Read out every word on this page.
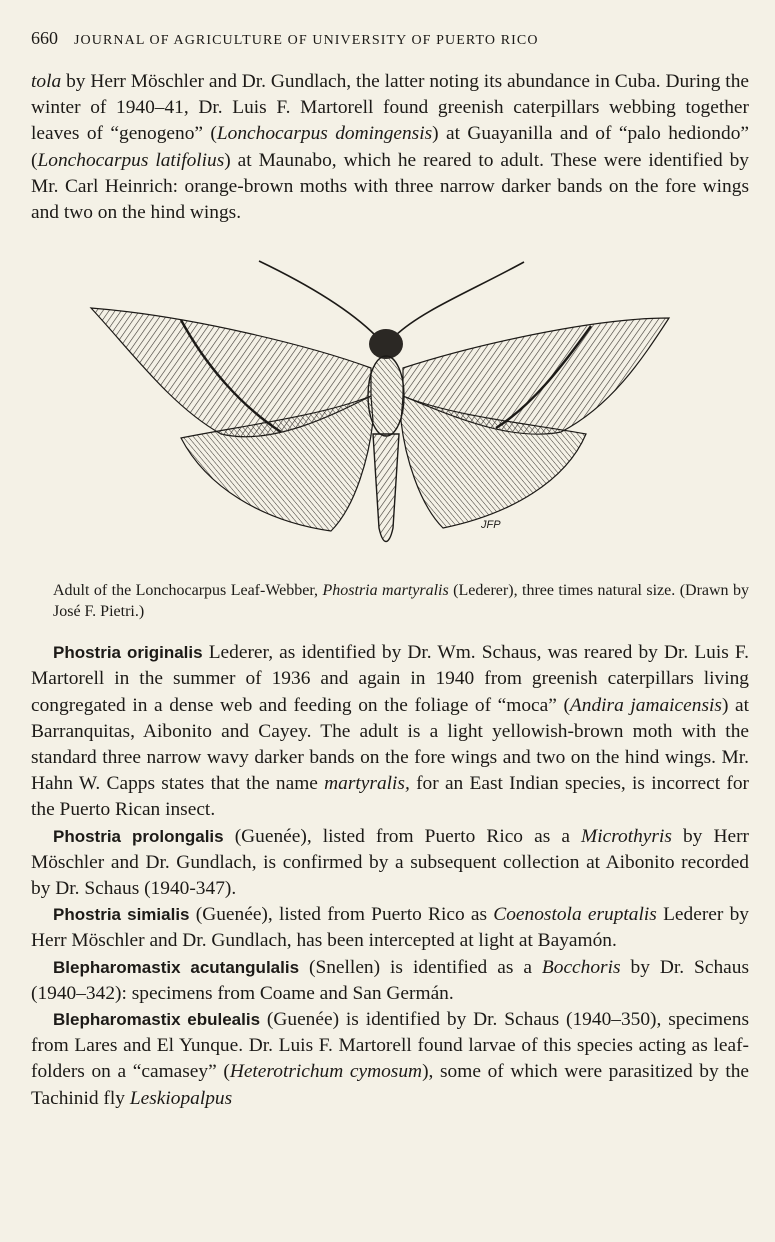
660 JOURNAL OF AGRICULTURE OF UNIVERSITY OF PUERTO RICO

tola by Herr Möschler and Dr. Gundlach, the latter noting its abundance in Cuba. During the winter of 1940–41, Dr. Luis F. Martorell found greenish caterpillars webbing together leaves of “genogeno” (Lonchocarpus domingensis) at Guayanilla and of “palo hediondo” (Lonchocarpus latifolius) at Maunabo, which he reared to adult. These were identified by Mr. Carl Heinrich: orange-brown moths with three narrow darker bands on the fore wings and two on the hind wings.

JFP

Adult of the Lonchocarpus Leaf-Webber, Phostria martyralis (Lederer), three times natural size. (Drawn by José F. Pietri.)

Phostria originalis Lederer, as identified by Dr. Wm. Schaus, was reared by Dr. Luis F. Martorell in the summer of 1936 and again in 1940 from greenish caterpillars living congregated in a dense web and feeding on the foliage of “moca” (Andira jamaicensis) at Barranquitas, Aibonito and Cayey. The adult is a light yellowish-brown moth with the standard three narrow wavy darker bands on the fore wings and two on the hind wings. Mr. Hahn W. Capps states that the name martyralis, for an East Indian species, is incorrect for the Puerto Rican insect.

Phostria prolongalis (Guenée), listed from Puerto Rico as a Microthyris by Herr Möschler and Dr. Gundlach, is confirmed by a subsequent collection at Aibonito recorded by Dr. Schaus (1940-347).

Phostria simialis (Guenée), listed from Puerto Rico as Coenostola eruptalis Lederer by Herr Möschler and Dr. Gundlach, has been intercepted at light at Bayamón.

Blepharomastix acutangulalis (Snellen) is identified as a Bocchoris by Dr. Schaus (1940–342): specimens from Coame and San Germán.

Blepharomastix ebulealis (Guenée) is identified by Dr. Schaus (1940–350), specimens from Lares and El Yunque. Dr. Luis F. Martorell found larvae of this species acting as leaf-folders on a “camasey” (Heterotrichum cymosum), some of which were parasitized by the Tachinid fly Leskiopalpus
